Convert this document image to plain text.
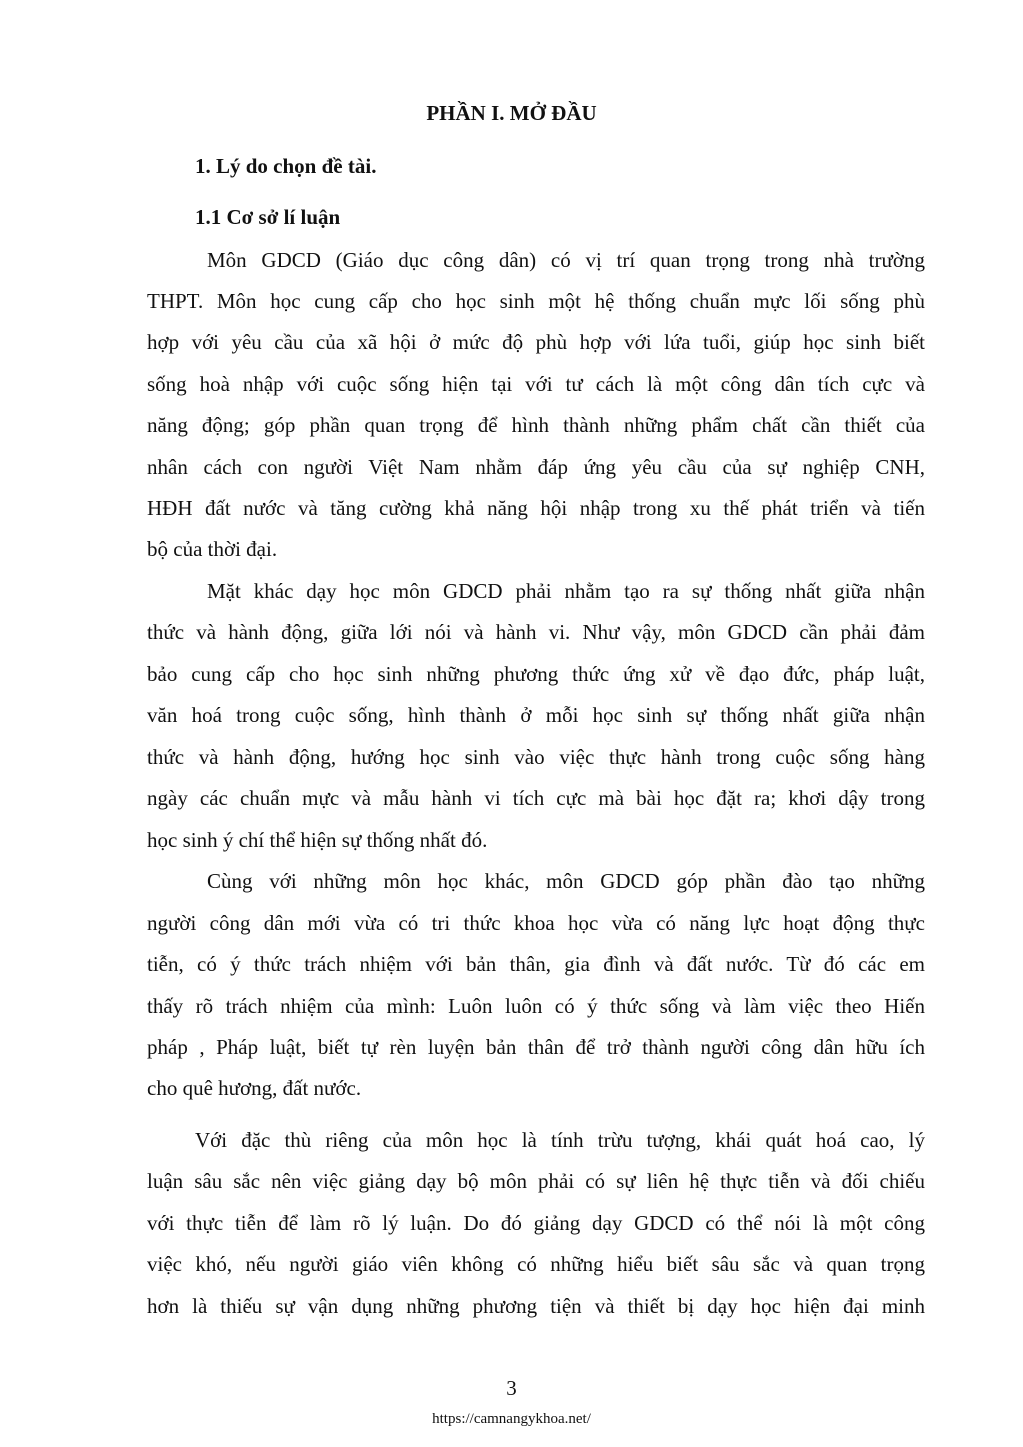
PHẦN I. MỞ ĐẦU
1. Lý do chọn đề tài.
1.1 Cơ sở lí luận
Môn GDCD (Giáo dục công dân) có vị trí quan trọng trong nhà trường
THPT. Môn học cung cấp cho học sinh một hệ thống chuẩn mực lối sống phù
hợp với yêu cầu của xã hội ở mức độ phù hợp với lứa tuổi, giúp học sinh biết
sống hoà nhập với cuộc sống hiện tại với tư cách là một công dân tích cực và
năng động; góp phần quan trọng để hình thành những phẩm chất cần thiết của
nhân cách con người Việt Nam nhằm đáp ứng yêu cầu của sự nghiệp CNH,
HĐH đất nước và tăng cường khả năng hội nhập trong xu thế phát triển và tiến
bộ của thời đại.
Mặt khác dạy học môn GDCD phải nhằm tạo ra sự thống nhất giữa nhận
thức và hành động, giữa lới nói và hành vi. Như vậy, môn GDCD cần phải đảm
bảo cung cấp cho học sinh những phương thức ứng xử về đạo đức, pháp luật,
văn hoá trong cuộc sống, hình thành ở mỗi học sinh sự thống nhất giữa nhận
thức và hành động, hướng học sinh vào việc thực hành trong cuộc sống hàng
ngày các chuẩn mực và mẫu hành vi tích cực mà bài học đặt ra; khơi dậy trong
học sinh ý chí thể hiện sự thống nhất đó.
Cùng với những môn học khác, môn GDCD góp phần đào tạo những
người công dân mới vừa có tri thức khoa học vừa có năng lực hoạt động thực
tiễn, có ý thức trách nhiệm với bản thân, gia đình và đất nước. Từ đó các em
thấy rõ trách nhiệm của mình: Luôn luôn có ý thức sống và làm việc theo Hiến
pháp , Pháp luật, biết tự rèn luyện bản thân để trở thành người công dân hữu ích
cho quê hương, đất nước.
Với đặc thù riêng của môn học là tính trừu tượng, khái quát hoá cao, lý
luận sâu sắc nên việc giảng dạy bộ môn phải có sự liên hệ thực tiễn và đối chiếu
với thực tiễn để làm rõ lý luận. Do đó giảng dạy GDCD có thể nói là một công
việc khó, nếu người giáo viên không có những hiểu biết sâu sắc và quan trọng
hơn là thiếu sự vận dụng những phương tiện và thiết bị dạy học hiện đại minh
3
https://camnangykhoa.net/
